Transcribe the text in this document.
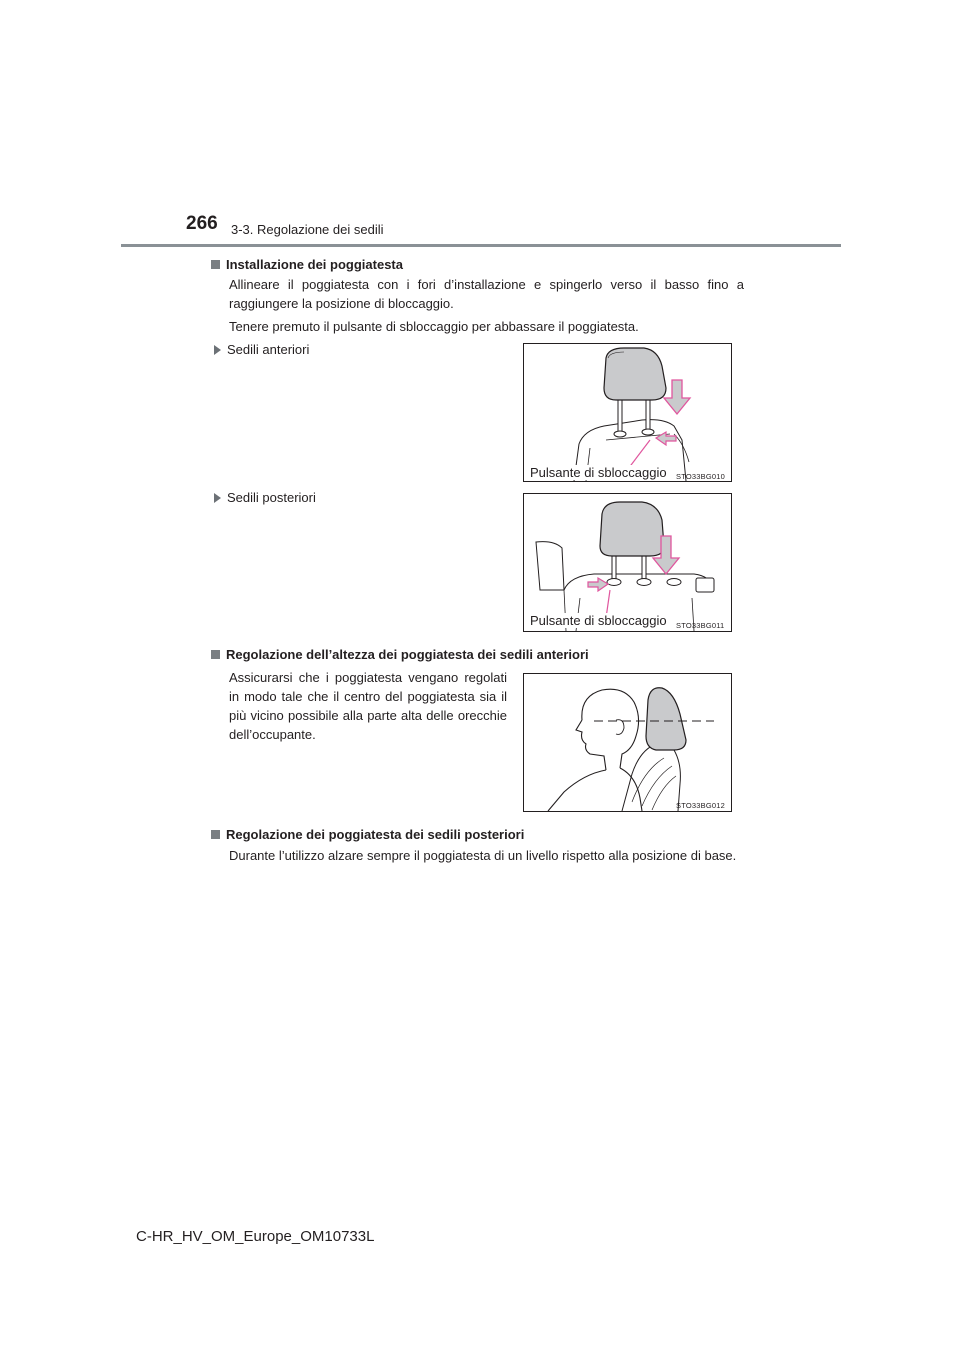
266 3-3. Regolazione dei sedili
Installazione dei poggiatesta
Allineare il poggiatesta con i fori d’installazione e spingerlo verso il basso fino a raggiungere la posizione di bloccaggio.
Tenere premuto il pulsante di sbloccaggio per abbassare il poggiatesta.
Sedili anteriori
Pulsante di sbloccaggio STO33BG010
Sedili posteriori
Pulsante di sbloccaggio STO33BG011
Regolazione dell’altezza dei poggiatesta dei sedili anteriori
Assicurarsi che i poggiatesta vengano regolati in modo tale che il centro del poggiatesta sia il più vicino possibile alla parte alta delle orecchie dell’occupante.
STO33BG012
Regolazione dei poggiatesta dei sedili posteriori
Durante l’utilizzo alzare sempre il poggiatesta di un livello rispetto alla posizione di base.
C-HR_HV_OM_Europe_OM10733L
